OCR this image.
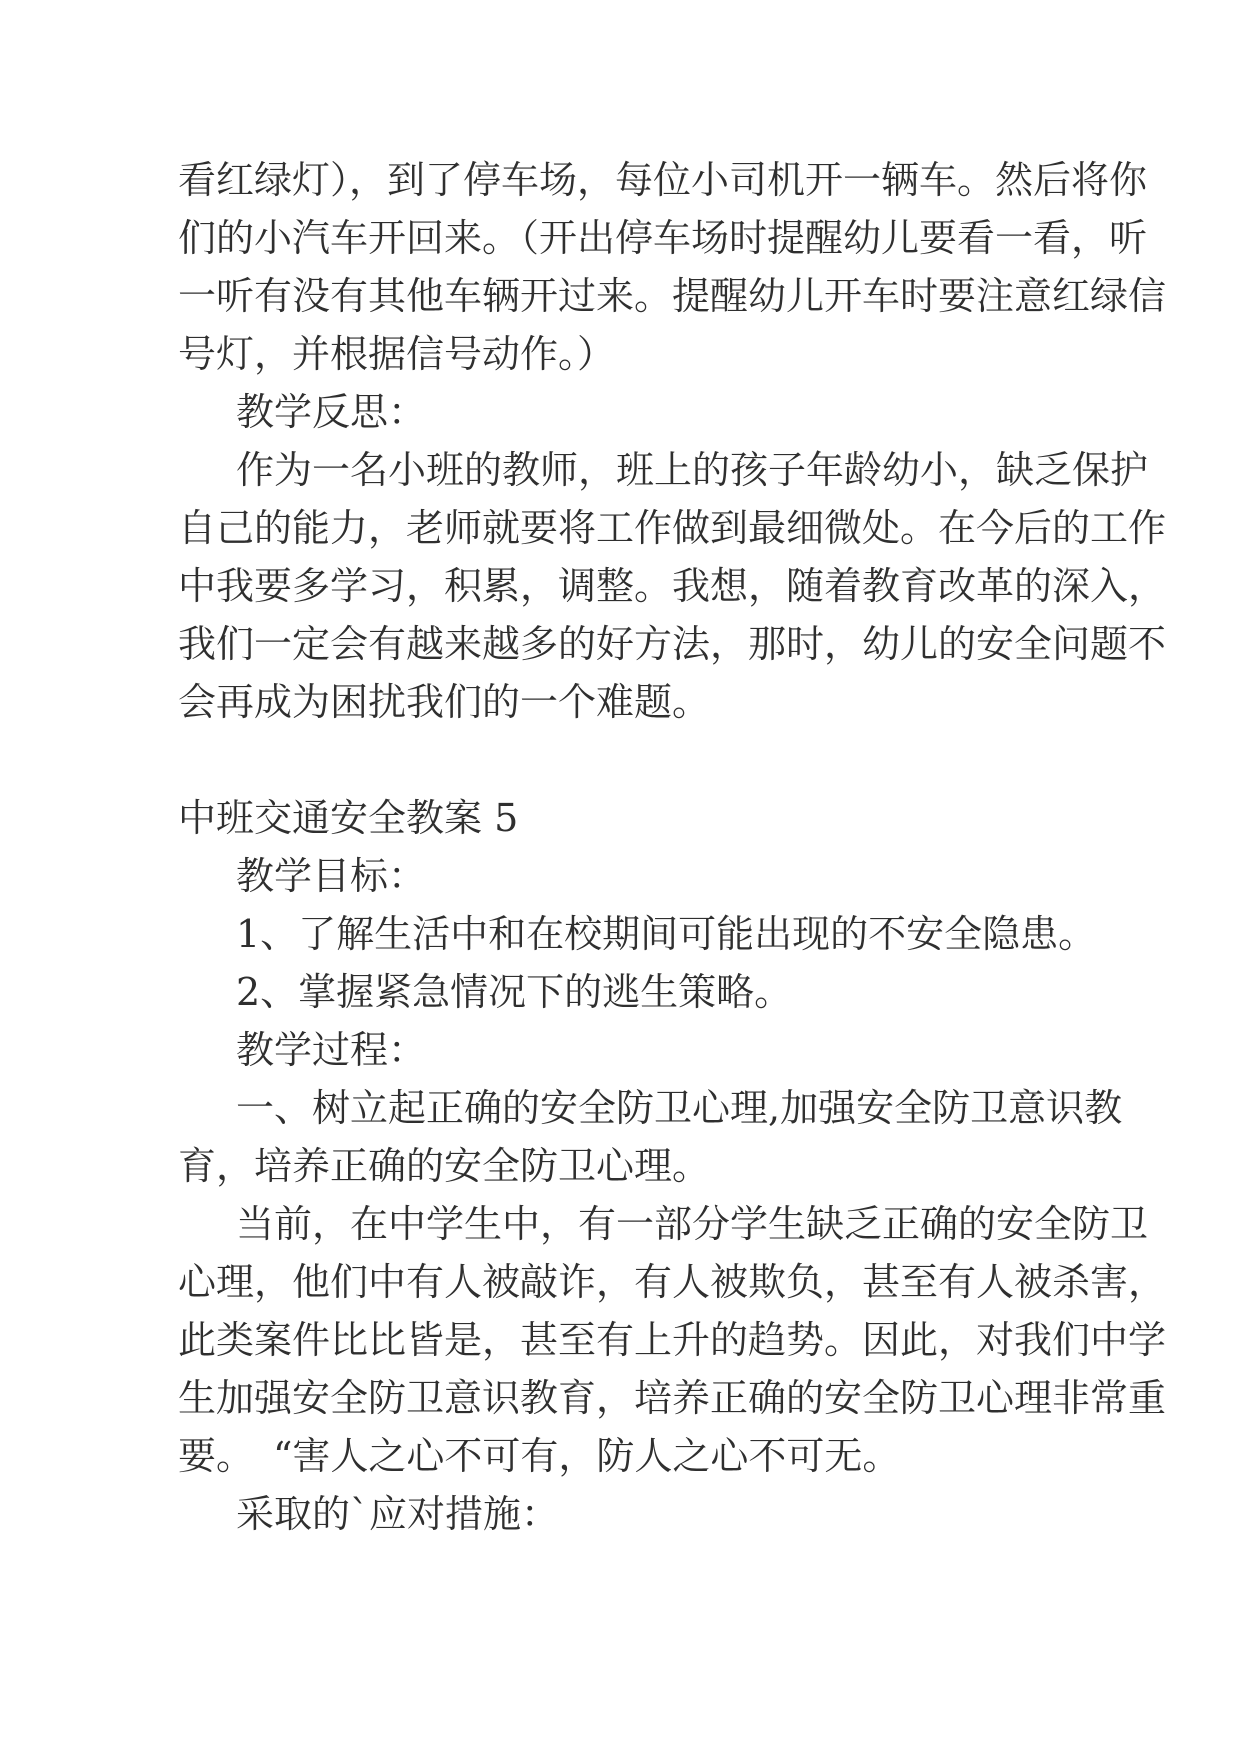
看红绿灯），到了停车场，每位小司机开一辆车。然后将你
们的小汽车开回来。（开出停车场时提醒幼儿要看一看，听
一听有没有其他车辆开过来。提醒幼儿开车时要注意红绿信
号灯，并根据信号动作。）

教学反思：

作为一名小班的教师，班上的孩子年龄幼小，缺乏保护
自己的能力，老师就要将工作做到最细微处。在今后的工作
中我要多学习，积累，调整。我想，随着教育改革的深入，
我们一定会有越来越多的好方法，那时，幼儿的安全问题不
会再成为困扰我们的一个难题。

中班交通安全教案 5

教学目标：

1、了解生活中和在校期间可能出现的不安全隐患。

2、掌握紧急情况下的逃生策略。

教学过程：

一、树立起正确的安全防卫心理,加强安全防卫意识教
育，培养正确的安全防卫心理。

当前，在中学生中，有一部分学生缺乏正确的安全防卫
心理，他们中有人被敲诈，有人被欺负，甚至有人被杀害，
此类案件比比皆是，甚至有上升的趋势。因此，对我们中学
生加强安全防卫意识教育，培养正确的安全防卫心理非常重
要。　“害人之心不可有，防人之心不可无。

采取的`应对措施：
